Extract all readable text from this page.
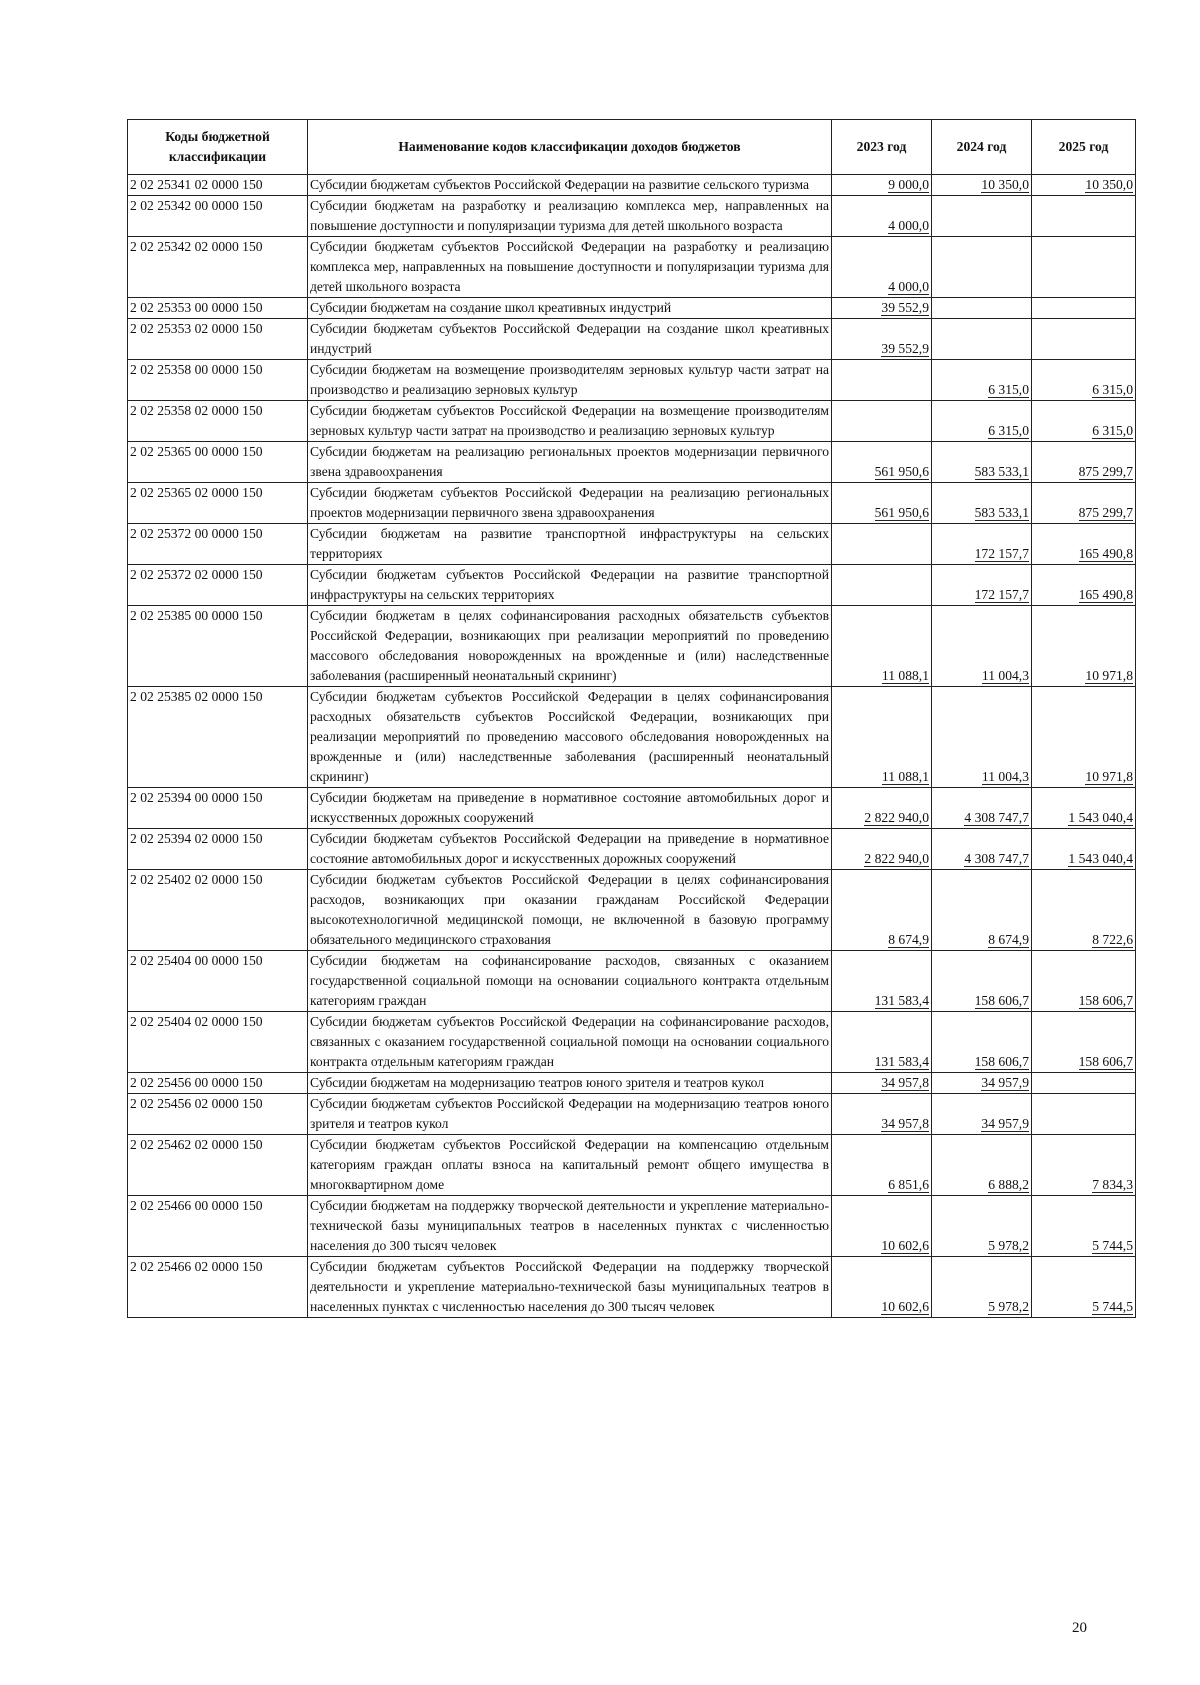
Коды бюджетной классификации	Наименование кодов классификации доходов бюджетов	2023 год	2024 год	2025 год
2 02 25341 02 0000 150	Субсидии бюджетам субъектов Российской Федерации на развитие сельского туризма	9 000,0	10 350,0	10 350,0
2 02 25342 00 0000 150	Субсидии бюджетам на разработку и реализацию комплекса мер, направленных на повышение доступности и популяризации туризма для детей школьного возраста	4 000,0		
2 02 25342 02 0000 150	Субсидии бюджетам субъектов Российской Федерации на разработку и реализацию комплекса мер, направленных на повышение доступности и популяризации туризма для детей школьного возраста	4 000,0		
2 02 25353 00 0000 150	Субсидии бюджетам на создание школ креативных индустрий	39 552,9		
2 02 25353 02 0000 150	Субсидии бюджетам субъектов Российской Федерации на создание школ креативных индустрий	39 552,9		
2 02 25358 00 0000 150	Субсидии бюджетам на возмещение производителям зерновых культур части затрат на производство и реализацию зерновых культур		6 315,0	6 315,0
2 02 25358 02 0000 150	Субсидии бюджетам субъектов Российской Федерации на возмещение производителям зерновых культур части затрат на производство и реализацию зерновых культур		6 315,0	6 315,0
2 02 25365 00 0000 150	Субсидии бюджетам на реализацию региональных проектов модернизации первичного звена здравоохранения	561 950,6	583 533,1	875 299,7
2 02 25365 02 0000 150	Субсидии бюджетам субъектов Российской Федерации на реализацию региональных проектов модернизации первичного звена здравоохранения	561 950,6	583 533,1	875 299,7
2 02 25372 00 0000 150	Субсидии бюджетам на развитие транспортной инфраструктуры на сельских территориях		172 157,7	165 490,8
2 02 25372 02 0000 150	Субсидии бюджетам субъектов Российской Федерации на развитие транспортной инфраструктуры на сельских территориях		172 157,7	165 490,8
2 02 25385 00 0000 150	Субсидии бюджетам в целях софинансирования расходных обязательств субъектов Российской Федерации, возникающих при реализации мероприятий по проведению массового обследования новорожденных на врожденные и (или) наследственные заболевания (расширенный неонатальный скрининг)	11 088,1	11 004,3	10 971,8
2 02 25385 02 0000 150	Субсидии бюджетам субъектов Российской Федерации в целях софинансирования расходных обязательств субъектов Российской Федерации, возникающих при реализации мероприятий по проведению массового обследования новорожденных на врожденные и (или) наследственные заболевания (расширенный неонатальный скрининг)	11 088,1	11 004,3	10 971,8
2 02 25394 00 0000 150	Субсидии бюджетам на приведение в нормативное состояние автомобильных дорог и искусственных дорожных сооружений	2 822 940,0	4 308 747,7	1 543 040,4
2 02 25394 02 0000 150	Субсидии бюджетам субъектов Российской Федерации на приведение в нормативное состояние автомобильных дорог и искусственных дорожных сооружений	2 822 940,0	4 308 747,7	1 543 040,4
2 02 25402 02 0000 150	Субсидии бюджетам субъектов Российской Федерации в целях софинансирования расходов, возникающих при оказании гражданам Российской Федерации высокотехнологичной медицинской помощи, не включенной в базовую программу обязательного медицинского страхования	8 674,9	8 674,9	8 722,6
2 02 25404 00 0000 150	Субсидии бюджетам на софинансирование расходов, связанных с оказанием государственной социальной помощи на основании социального контракта отдельным категориям граждан	131 583,4	158 606,7	158 606,7
2 02 25404 02 0000 150	Субсидии бюджетам субъектов Российской Федерации на софинансирование расходов, связанных с оказанием государственной социальной помощи на основании социального контракта отдельным категориям граждан	131 583,4	158 606,7	158 606,7
2 02 25456 00 0000 150	Субсидии бюджетам на модернизацию театров юного зрителя и театров кукол	34 957,8	34 957,9	
2 02 25456 02 0000 150	Субсидии бюджетам субъектов Российской Федерации на модернизацию театров юного зрителя и театров кукол	34 957,8	34 957,9	
2 02 25462 02 0000 150	Субсидии бюджетам субъектов Российской Федерации на компенсацию отдельным категориям граждан оплаты взноса на капитальный ремонт общего имущества в многоквартирном доме	6 851,6	6 888,2	7 834,3
2 02 25466 00 0000 150	Субсидии бюджетам на поддержку творческой деятельности и укрепление материально-технической базы муниципальных театров в населенных пунктах с численностью населения до 300 тысяч человек	10 602,6	5 978,2	5 744,5
2 02 25466 02 0000 150	Субсидии бюджетам субъектов Российской Федерации на поддержку творческой деятельности и укрепление материально-технической базы муниципальных театров в населенных пунктах с численностью населения до 300 тысяч человек	10 602,6	5 978,2	5 744,5
20
